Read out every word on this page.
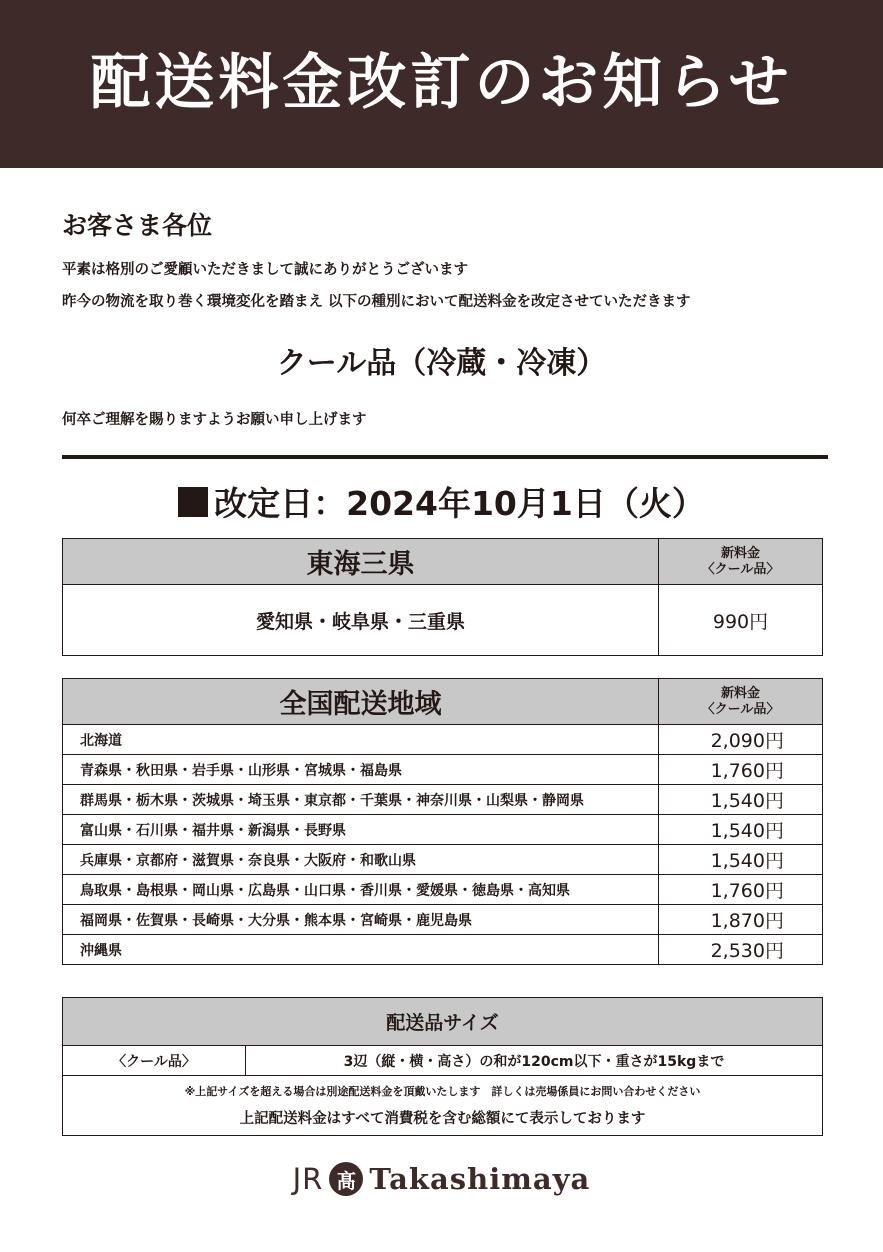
配送料金改訂のお知らせ
お客さま各位
平素は格別のご愛顧いただきまして誠にありがとうございます
昨今の物流を取り巻く環境変化を踏まえ 以下の種別において配送料金を改定させていただきます
クール品（冷蔵・冷凍）
何卒ご理解を賜りますようお願い申し上げます
改定日：2024年10月1日（火）
東海三県	新料金
〈クール品〉

愛知県・岐阜県・三重県	990円
全国配送地域	新料金
〈クール品〉

北海道	2,090円
青森県・秋田県・岩手県・山形県・宮城県・福島県	1,760円
群馬県・栃木県・茨城県・埼玉県・東京都・千葉県・神奈川県・山梨県・静岡県	1,540円
富山県・石川県・福井県・新潟県・長野県	1,540円
兵庫県・京都府・滋賀県・奈良県・大阪府・和歌山県	1,540円
鳥取県・島根県・岡山県・広島県・山口県・香川県・愛媛県・徳島県・高知県	1,760円
福岡県・佐賀県・長崎県・大分県・熊本県・宮崎県・鹿児島県	1,870円
沖縄県	2,530円
配送品サイズ
〈クール品〉	3辺（縦・横・高さ）の和が120cm以下・重さが15kgまで

※上記サイズを超える場合は別途配送料金を頂戴いたします　詳しくは売場係員にお問い合わせください
上記配送料金はすべて消費税を含む総額にて表示しております
JR 髙 Takashimaya
